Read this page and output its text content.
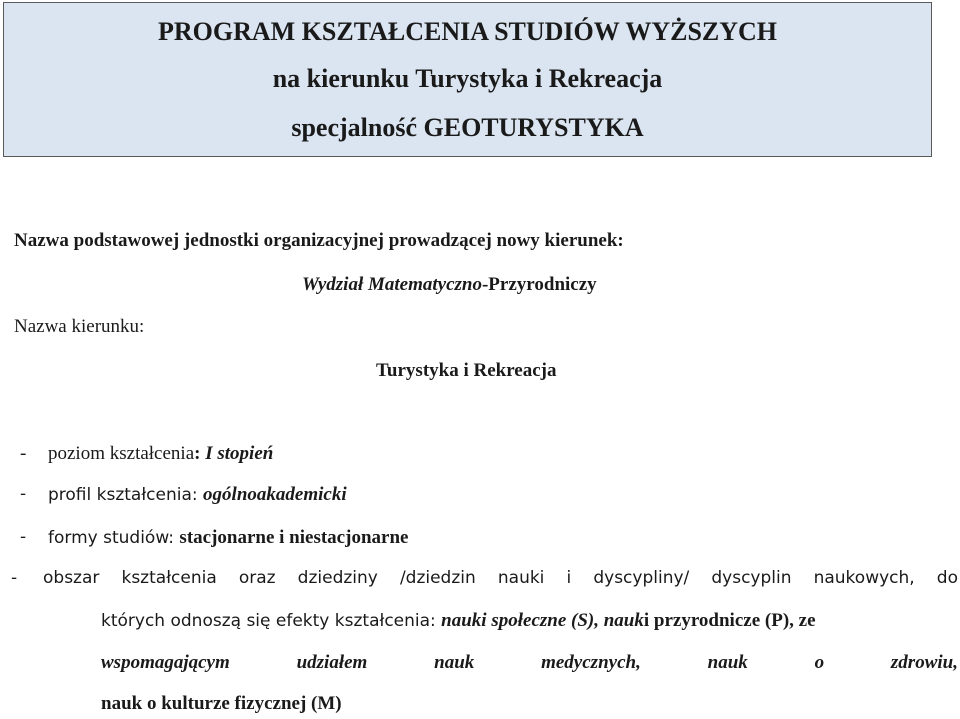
PROGRAM KSZTAŁCENIA STUDIÓW WYŻSZYCH
na kierunku Turystyka i Rekreacja
specjalność GEOTURYSTYKA
Nazwa podstawowej jednostki organizacyjnej prowadzącej nowy kierunek:
Wydział Matematyczno-Przyrodniczy
Nazwa kierunku:
Turystyka i Rekreacja
- poziom kształcenia: I stopień
- profil kształcenia: ogólnoakademicki
- formy studiów: stacjonarne i niestacjonarne
- obszar kształcenia oraz dziedziny /dziedzin nauki i dyscypliny/ dyscyplin naukowych, do
których odnoszą się efekty kształcenia: nauki społeczne (S), nauki przyrodnicze (P), ze
wspomagającym	udziałem	nauk	medycznych,	nauk	o	zdrowiu,
nauk o kulturze fizycznej (M)
